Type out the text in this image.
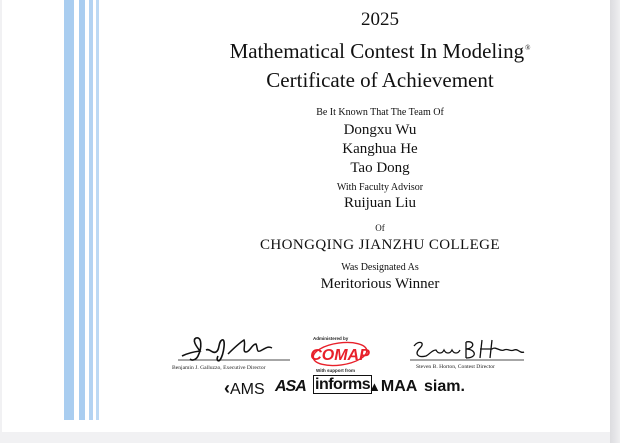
2025
Mathematical Contest In Modeling®
Certificate of Achievement
Be It Known That The Team Of
Dongxu Wu
Kanghua He
Tao Dong
With Faculty Advisor
Ruijuan Liu
Of
CHONGQING JIANZHU COLLEGE
Was Designated As
Meritorious Winner
Benjamin J. Galluzzo, Executive Director
Administered by
COMAP
With support from
Steven B. Horton, Contest Director
‹AMS ASA informs
▲MAA siam.
